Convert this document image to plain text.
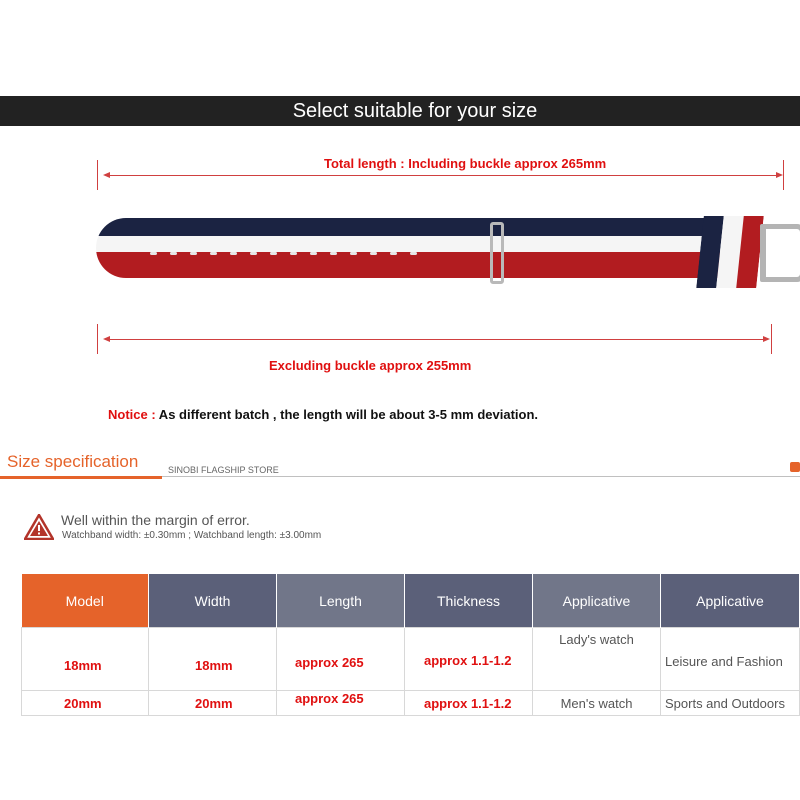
Select suitable for your size
Total length : Including buckle approx 265mm
Excluding buckle approx 255mm
Notice : As different batch , the length will be about 3-5 mm deviation.
Size specification	SINOBI FLAGSHIP STORE
Well within the margin of error.
Watchband width: ±0.30mm ; Watchband length: ±3.00mm
Model	Width	Length	Thickness	Applicative	Applicative
18mm	18mm	approx 265	approx 1.1-1.2	Lady's watch	Leisure and Fashion
20mm	20mm	approx 265	approx 1.1-1.2	Men's watch	Sports and Outdoors
